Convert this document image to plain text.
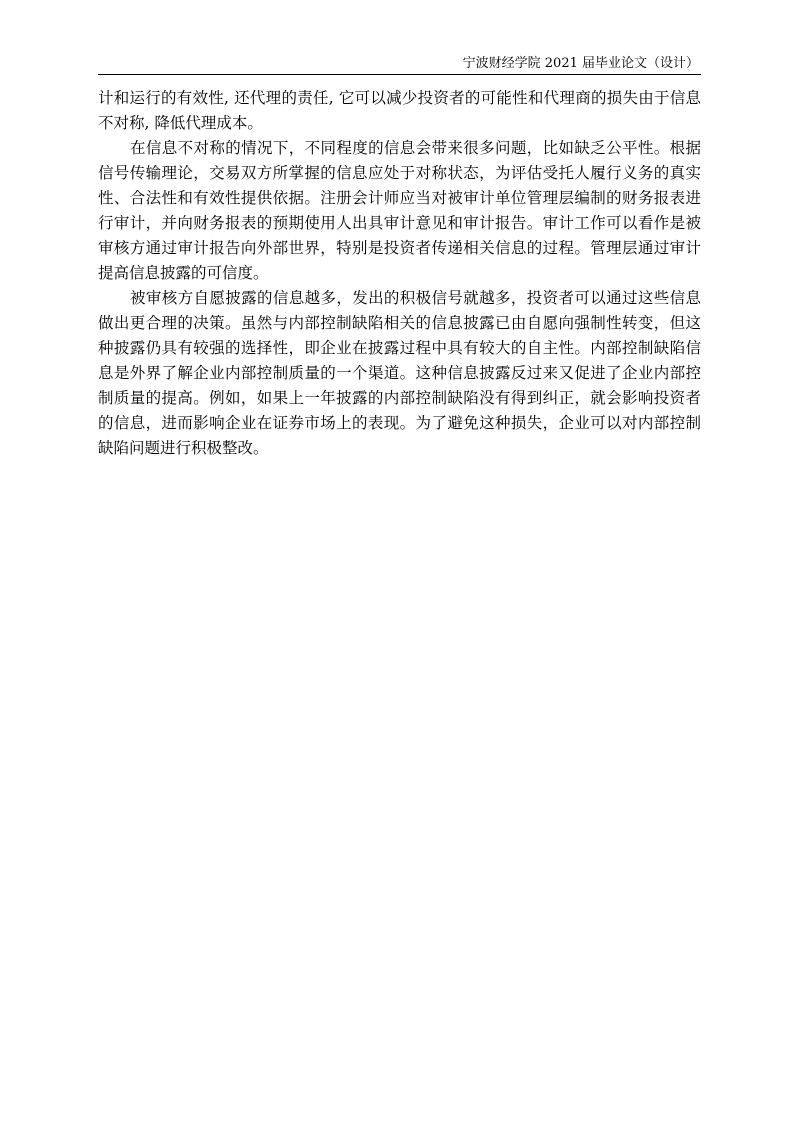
宁波财经学院 2021 届毕业论文（设计）

计和运行的有效性, 还代理的责任, 它可以减少投资者的可能性和代理商的损失由于信息不对称, 降低代理成本。

在信息不对称的情况下，不同程度的信息会带来很多问题，比如缺乏公平性。根据信号传输理论，交易双方所掌握的信息应处于对称状态，为评估受托人履行义务的真实性、合法性和有效性提供依据。注册会计师应当对被审计单位管理层编制的财务报表进行审计，并向财务报表的预期使用人出具审计意见和审计报告。审计工作可以看作是被审核方通过审计报告向外部世界，特别是投资者传递相关信息的过程。管理层通过审计提高信息披露的可信度。

被审核方自愿披露的信息越多，发出的积极信号就越多，投资者可以通过这些信息做出更合理的决策。虽然与内部控制缺陷相关的信息披露已由自愿向强制性转变，但这种披露仍具有较强的选择性，即企业在披露过程中具有较大的自主性。内部控制缺陷信息是外界了解企业内部控制质量的一个渠道。这种信息披露反过来又促进了企业内部控制质量的提高。例如，如果上一年披露的内部控制缺陷没有得到纠正，就会影响投资者的信息，进而影响企业在证券市场上的表现。为了避免这种损失，企业可以对内部控制缺陷问题进行积极整改。
